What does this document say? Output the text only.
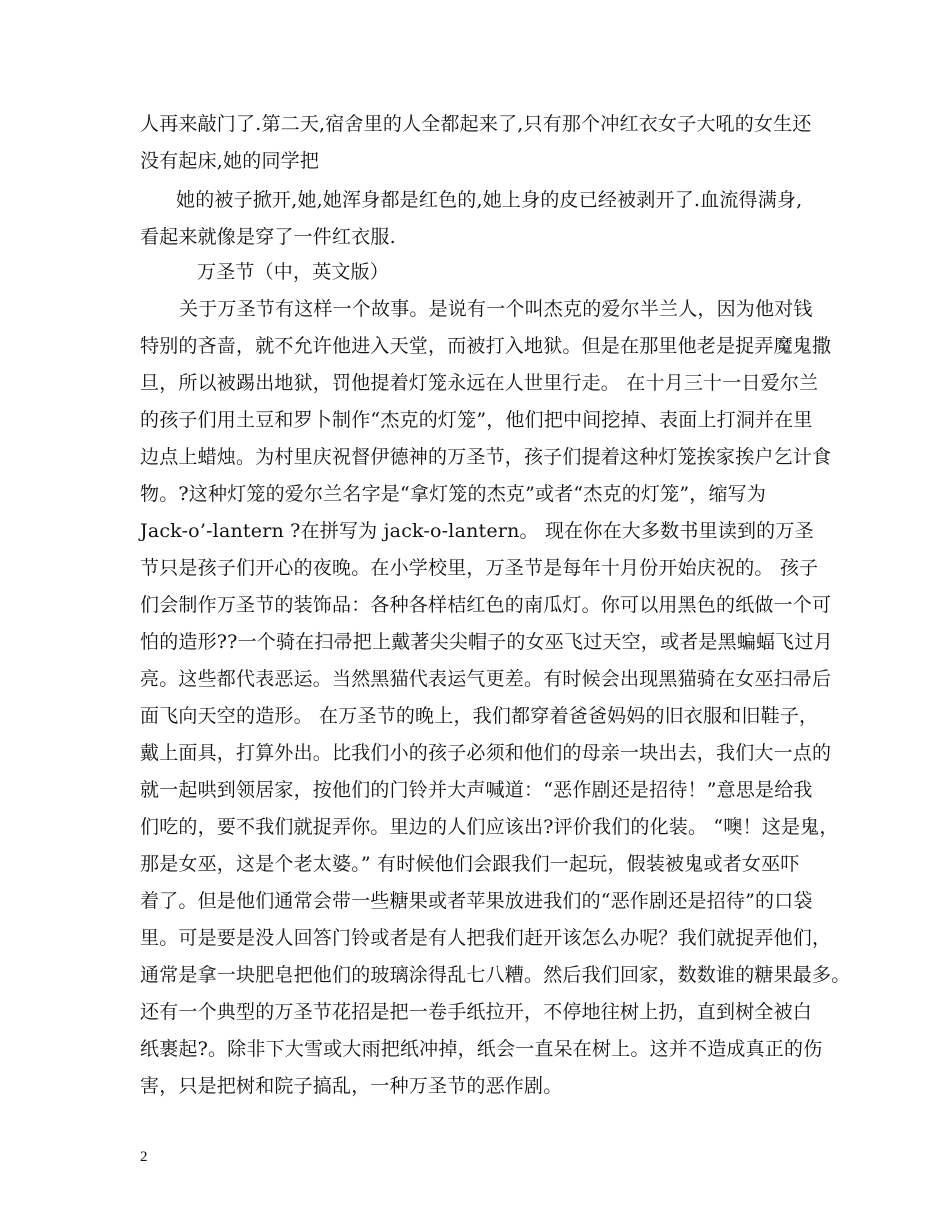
人再来敲门了.第二天,宿舍里的人全都起来了,只有那个冲红衣女子大吼的女生还
没有起床,她的同学把
她的被子掀开,她,她浑身都是红色的,她上身的皮已经被剥开了.血流得满身,
看起来就像是穿了一件红衣服.
万圣节（中，英文版）
关于万圣节有这样一个故事。是说有一个叫杰克的爱尔半兰人，因为他对钱
特别的吝啬，就不允许他进入天堂，而被打入地狱。但是在那里他老是捉弄魔鬼撒
旦，所以被踢出地狱，罚他提着灯笼永远在人世里行走。 在十月三十一日爱尔兰
的孩子们用土豆和罗卜制作“杰克的灯笼”，他们把中间挖掉、表面上打洞并在里
边点上蜡烛。为村里庆祝督伊德神的万圣节，孩子们提着这种灯笼挨家挨户乞计食
物。?这种灯笼的爱尔兰名字是“拿灯笼的杰克”或者“杰克的灯笼”，缩写为
Jack-o’-lantern ?在拼写为 jack-o-lantern。 现在你在大多数书里读到的万圣
节只是孩子们开心的夜晚。在小学校里，万圣节是每年十月份开始庆祝的。 孩子
们会制作万圣节的装饰品：各种各样桔红色的南瓜灯。你可以用黑色的纸做一个可
怕的造形??一个骑在扫帚把上戴著尖尖帽子的女巫飞过天空，或者是黑蝙蝠飞过月
亮。这些都代表恶运。当然黑猫代表运气更差。有时候会出现黑猫骑在女巫扫帚后
面飞向天空的造形。 在万圣节的晚上，我们都穿着爸爸妈妈的旧衣服和旧鞋子，
戴上面具，打算外出。比我们小的孩子必须和他们的母亲一块出去，我们大一点的
就一起哄到领居家，按他们的门铃并大声喊道：“恶作剧还是招待！”意思是给我
们吃的，要不我们就捉弄你。里边的人们应该出?评价我们的化装。 “噢！这是鬼，
那是女巫，这是个老太婆。” 有时候他们会跟我们一起玩，假装被鬼或者女巫吓
着了。但是他们通常会带一些糖果或者苹果放进我们的“恶作剧还是招待”的口袋
里。可是要是没人回答门铃或者是有人把我们赶开该怎么办呢？我们就捉弄他们，
通常是拿一块肥皂把他们的玻璃涂得乱七八糟。然后我们回家，数数谁的糖果最多。
还有一个典型的万圣节花招是把一卷手纸拉开，不停地往树上扔，直到树全被白
纸裹起?。除非下大雪或大雨把纸冲掉，纸会一直呆在树上。这并不造成真正的伤
害，只是把树和院子搞乱，一种万圣节的恶作剧。
2
